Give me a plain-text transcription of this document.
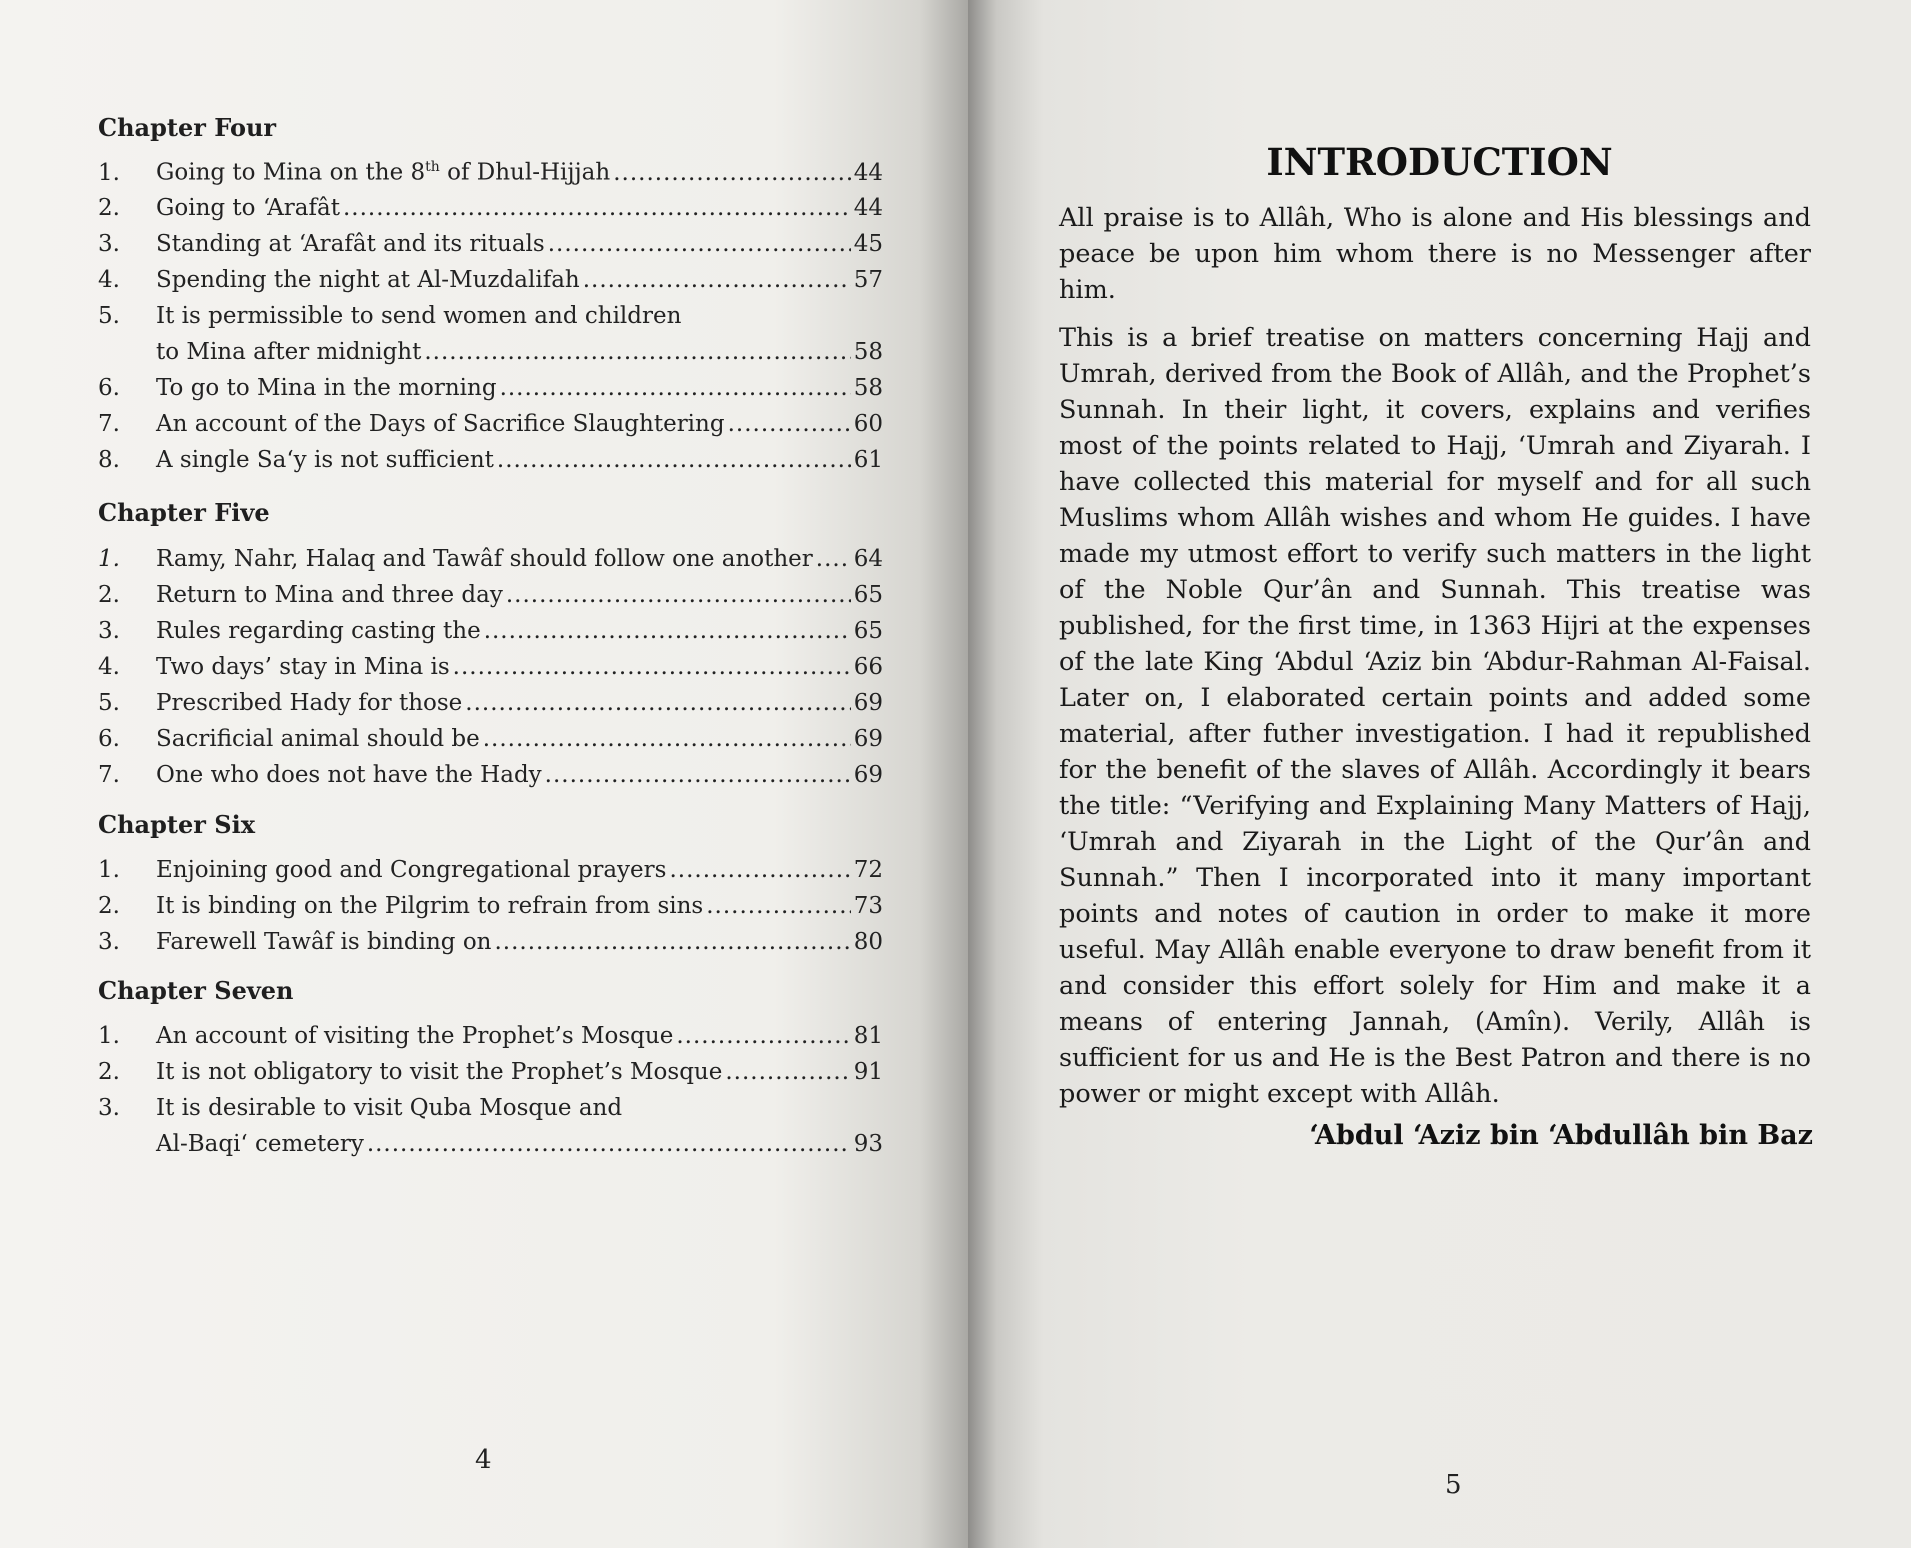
Chapter Four
1.	Going to Mina on the 8th of Dhul-Hijjah .....	44
2.	Going to ‘Arafât .....	44
3.	Standing at ‘Arafât and its rituals .....	45
4.	Spending the night at Al-Muzdalifah .....	57
5.	It is permissible to send women and children
to Mina after midnight .....	58
6.	To go to Mina in the morning .....	58
7.	An account of the Days of Sacrifice Slaughtering .....	60
8.	A single Sa‘y is not sufficient .....	61
Chapter Five
1.	Ramy, Nahr, Halaq and Tawâf should follow one another ..... 64
2.	Return to Mina and three day .....	65
3.	Rules regarding casting the .....	65
4.	Two days’ stay in Mina is .....	66
5.	Prescribed Hady for those .....	69
6.	Sacrificial animal should be .....	69
7.	One who does not have the Hady .....	69
Chapter Six
1.	Enjoining good and Congregational prayers .....	72
2.	It is binding on the Pilgrim to refrain from sins .....	73
3.	Farewell Tawâf is binding on .....	80
Chapter Seven
1.	An account of visiting the Prophet’s Mosque .....	81
2.	It is not obligatory to visit the Prophet’s Mosque .....	91
3.	It is desirable to visit Quba Mosque and
Al-Baqi‘ cemetery .....	93
4
INTRODUCTION

All praise is to Allâh, Who is alone and His blessings and peace be upon him whom there is no Messenger after him.

This is a brief treatise on matters concerning Hajj and Umrah, derived from the Book of Allâh, and the Prophet’s Sunnah. In their light, it covers, explains and verifies most of the points related to Hajj, ‘Umrah and Ziyarah. I have collected this material for myself and for all such Muslims whom Allâh wishes and whom He guides. I have made my utmost effort to verify such matters in the light of the Noble Qur’ân and Sunnah. This treatise was published, for the first time, in 1363 Hijri at the expenses of the late King ‘Abdul ‘Aziz bin ‘Abdur-Rahman Al-Faisal. Later on, I elaborated certain points and added some material, after futher investigation. I had it republished for the benefit of the slaves of Allâh. Accordingly it bears the title: “Verifying and Explaining Many Matters of Hajj, ‘Umrah and Ziyarah in the Light of the Qur’ân and Sunnah.” Then I incorporated into it many important points and notes of caution in order to make it more useful. May Allâh enable everyone to draw benefit from it and consider this effort solely for Him and make it a means of entering Jannah, (Amîn). Verily, Allâh is sufficient for us and He is the Best Patron and there is no power or might except with Allâh.

‘Abdul ‘Aziz bin ‘Abdullâh bin Baz
5
